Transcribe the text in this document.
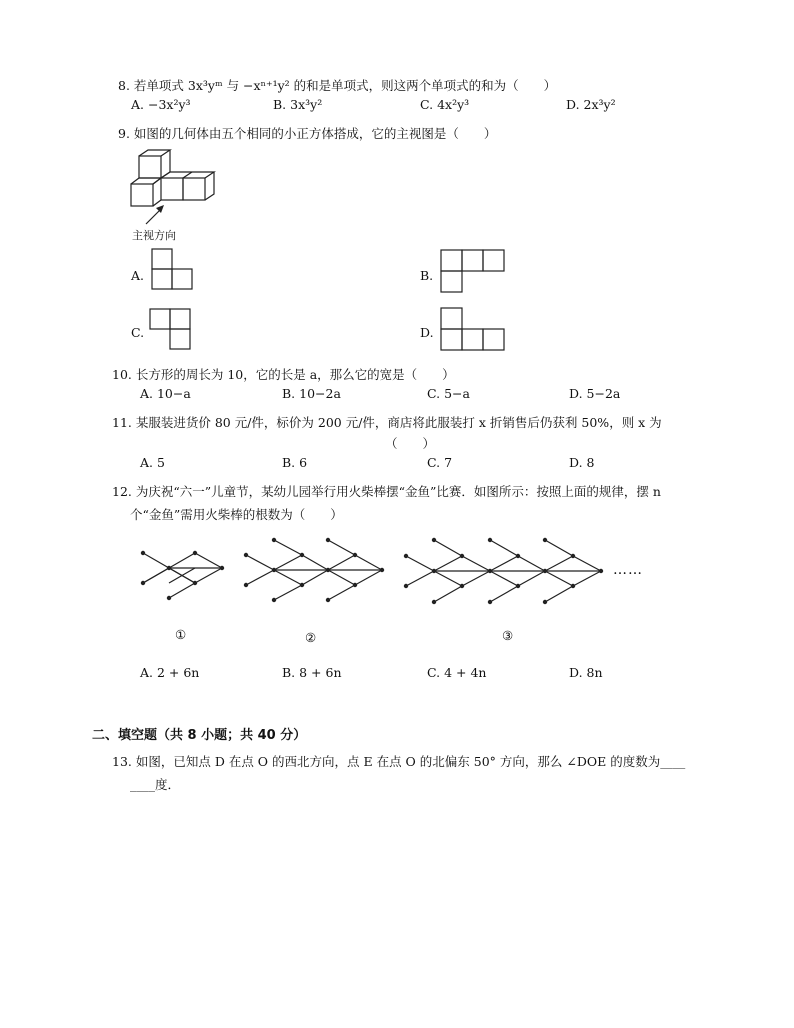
8. 若单项式 3x³yᵐ 与 −xⁿ⁺¹y² 的和是单项式，则这两个单项式的和为（　　）
A. −3x²y³	B. 3x³y²	C. 4x²y³	D. 2x³y²
9. 如图的几何体由五个相同的小正方体搭成，它的主视图是（　　）
主视方向
A.	B.
C.	D.
10. 长方形的周长为 10，它的长是 a，那么它的宽是（　　）
A. 10−a	B. 10−2a	C. 5−a	D. 5−2a
11. 某服装进货价 80 元/件，标价为 200 元/件，商店将此服装打 x 折销售后仍获利 50%，则 x 为
（　　）
A. 5	B. 6	C. 7	D. 8
12. 为庆祝“六一”儿童节，某幼儿园举行用火柴棒摆“金鱼”比赛．如图所示：按照上面的规律，摆 n
个“金鱼”需用火柴棒的根数为（　　）
①	②
……
③
A. 2 + 6n	B. 8 + 6n	C. 4 + 4n	D. 8n
二、填空题（共 8 小题；共 40 分）
13. 如图，已知点 D 在点 O 的西北方向，点 E 在点 O 的北偏东 50° 方向，那么 ∠DOE 的度数为____
____度．
